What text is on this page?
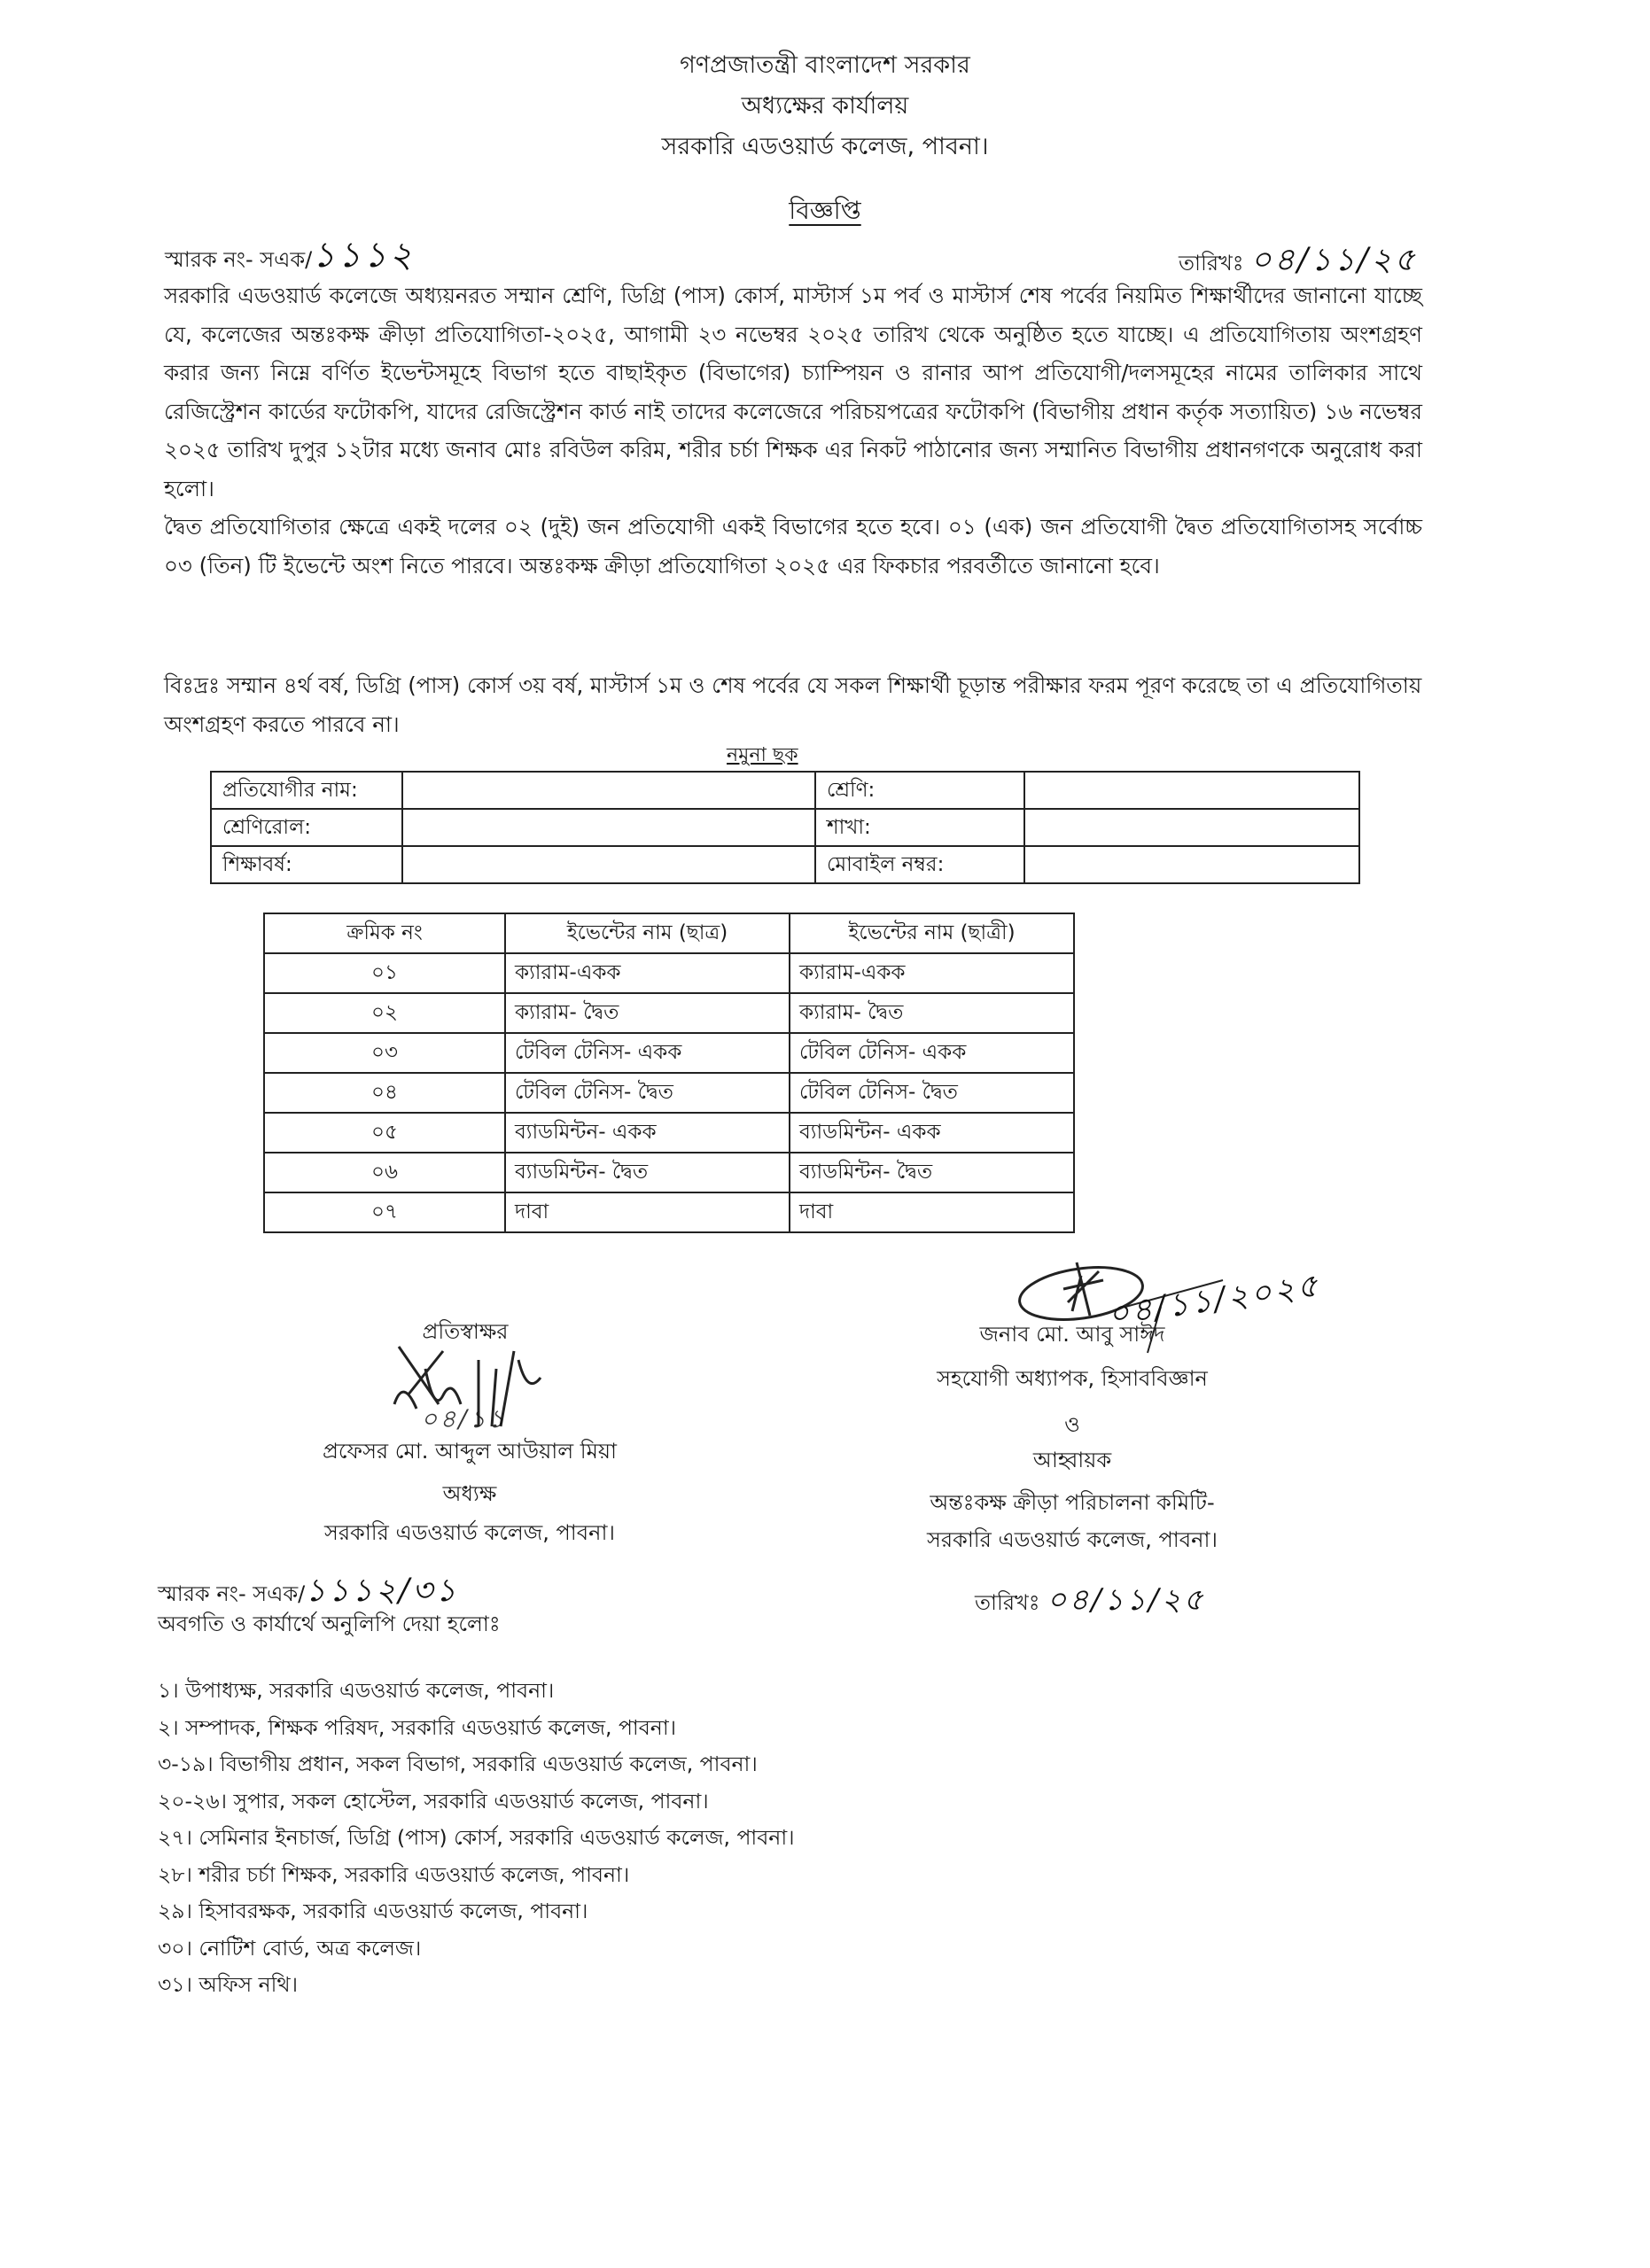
গণপ্রজাতন্ত্রী বাংলাদেশ সরকার
অধ্যক্ষের কার্যালয়
সরকারি এডওয়ার্ড কলেজ, পাবনা।
বিজ্ঞপ্তি
স্মারক নং- সএক/১১১২	তারিখঃ ০৪/১১/২৫

সরকারি এডওয়ার্ড কলেজে অধ্যয়নরত সম্মান শ্রেণি, ডিগ্রি (পাস) কোর্স, মাস্টার্স ১ম পর্ব ও মাস্টার্স শেষ পর্বের নিয়মিত শিক্ষার্থীদের জানানো যাচ্ছে যে, কলেজের অন্তঃকক্ষ ক্রীড়া প্রতিযোগিতা-২০২৫, আগামী ২৩ নভেম্বর ২০২৫ তারিখ থেকে অনুষ্ঠিত হতে যাচ্ছে। এ প্রতিযোগিতায় অংশগ্রহণ করার জন্য নিম্নে বর্ণিত ইভেন্টসমূহে বিভাগ হতে বাছাইকৃত (বিভাগের) চ্যাম্পিয়ন ও রানার আপ প্রতিযোগী/দলসমূহের নামের তালিকার সাথে রেজিস্ট্রেশন কার্ডের ফটোকপি, যাদের রেজিস্ট্রেশন কার্ড নাই তাদের কলেজেরে পরিচয়পত্রের ফটোকপি (বিভাগীয় প্রধান কর্তৃক সত্যায়িত) ১৬ নভেম্বর ২০২৫ তারিখ দুপুর ১২টার মধ্যে জনাব মোঃ রবিউল করিম, শরীর চর্চা শিক্ষক এর নিকট পাঠানোর জন্য সম্মানিত বিভাগীয় প্রধানগণকে অনুরোধ করা হলো।

দ্বৈত প্রতিযোগিতার ক্ষেত্রে একই দলের ০২ (দুই) জন প্রতিযোগী একই বিভাগের হতে হবে। ০১ (এক) জন প্রতিযোগী দ্বৈত প্রতিযোগিতাসহ সর্বোচ্চ ০৩ (তিন) টি ইভেন্টে অংশ নিতে পারবে। অন্তঃকক্ষ ক্রীড়া প্রতিযোগিতা ২০২৫ এর ফিকচার পরবর্তীতে জানানো হবে।

বিঃদ্রঃ সম্মান ৪র্থ বর্ষ, ডিগ্রি (পাস) কোর্স ৩য় বর্ষ, মাস্টার্স ১ম ও শেষ পর্বের যে সকল শিক্ষার্থী চূড়ান্ত পরীক্ষার ফরম পূরণ করেছে তা এ প্রতিযোগিতায় অংশগ্রহণ করতে পারবে না।
নমুনা ছক
প্রতিযোগীর নাম:		শ্রেণি:	
শ্রেণিরোল:		শাখা:	
শিক্ষাবর্ষ:		মোবাইল নম্বর:	
ক্রমিক নং	ইভেন্টের নাম (ছাত্র)	ইভেন্টের নাম (ছাত্রী)
০১	ক্যারাম-একক	ক্যারাম-একক
০২	ক্যারাম- দ্বৈত	ক্যারাম- দ্বৈত
০৩	টেবিল টেনিস- একক	টেবিল টেনিস- একক
০৪	টেবিল টেনিস- দ্বৈত	টেবিল টেনিস- দ্বৈত
০৫	ব্যাডমিন্টন- একক	ব্যাডমিন্টন- একক
০৬	ব্যাডমিন্টন- দ্বৈত	ব্যাডমিন্টন- দ্বৈত
০৭	দাবা	দাবা
০৪/১১/২০২৫
জনাব মো. আবু সাঈদ
সহযোগী অধ্যাপক, হিসাববিজ্ঞান
ও
আহ্বায়ক
অন্তঃকক্ষ ক্রীড়া পরিচালনা কমিটি-
সরকারি এডওয়ার্ড কলেজ, পাবনা।
প্রতিস্বাক্ষর
০৪/১১
প্রফেসর মো. আব্দুল আউয়াল মিয়া
অধ্যক্ষ
সরকারি এডওয়ার্ড কলেজ, পাবনা।
স্মারক নং- সএক/১১১২/৩১	তারিখঃ ০৪/১১/২৫
অবগতি ও কার্যার্থে অনুলিপি দেয়া হলোঃ
১। উপাধ্যক্ষ, সরকারি এডওয়ার্ড কলেজ, পাবনা।
২। সম্পাদক, শিক্ষক পরিষদ, সরকারি এডওয়ার্ড কলেজ, পাবনা।
৩-১৯। বিভাগীয় প্রধান, সকল বিভাগ, সরকারি এডওয়ার্ড কলেজ, পাবনা।
২০-২৬। সুপার, সকল হোস্টেল, সরকারি এডওয়ার্ড কলেজ, পাবনা।
২৭। সেমিনার ইনচার্জ, ডিগ্রি (পাস) কোর্স, সরকারি এডওয়ার্ড কলেজ, পাবনা।
২৮। শরীর চর্চা শিক্ষক, সরকারি এডওয়ার্ড কলেজ, পাবনা।
২৯। হিসাবরক্ষক, সরকারি এডওয়ার্ড কলেজ, পাবনা।
৩০। নোটিশ বোর্ড, অত্র কলেজ।
৩১। অফিস নথি।
